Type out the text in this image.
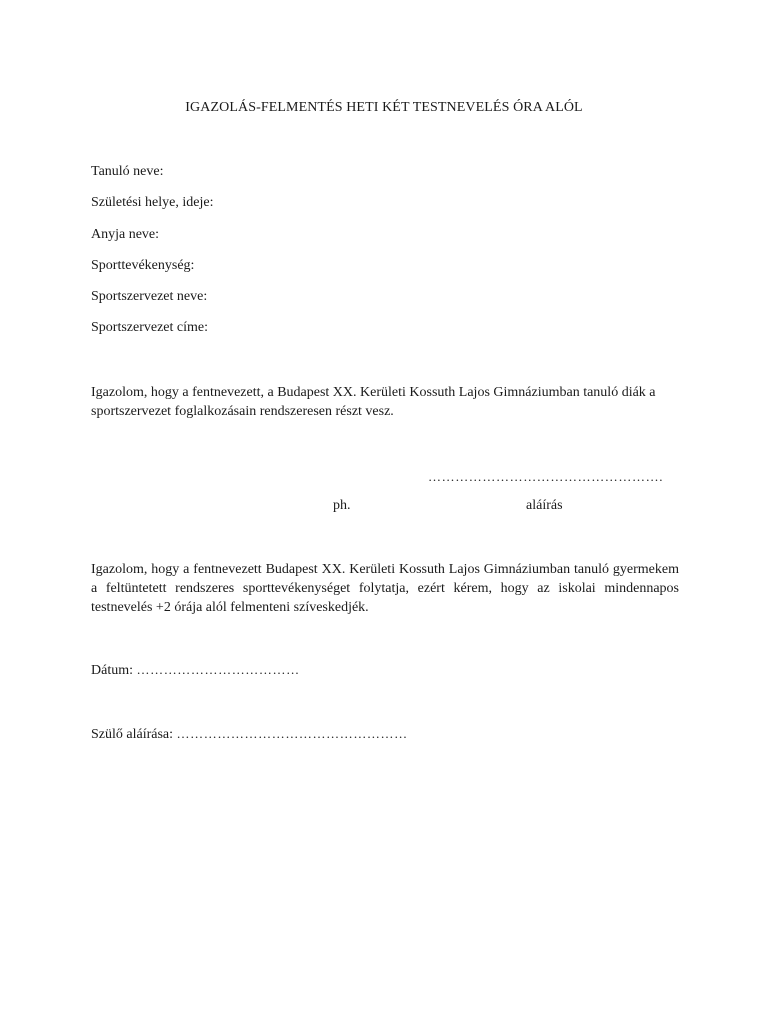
IGAZOLÁS-FELMENTÉS HETI KÉT TESTNEVELÉS ÓRA ALÓL
Tanuló neve:
Születési helye, ideje:
Anyja neve:
Sporttevékenység:
Sportszervezet neve:
Sportszervezet címe:
Igazolom, hogy a fentnevezett, a Budapest XX. Kerületi Kossuth Lajos Gimnáziumban tanuló diák a sportszervezet foglalkozásain rendszeresen részt vesz.
…………………………………………….
ph.	aláírás
Igazolom, hogy a fentnevezett Budapest XX. Kerületi Kossuth Lajos Gimnáziumban tanuló gyermekem a feltüntetett rendszeres sporttevékenységet folytatja, ezért kérem, hogy az iskolai mindennapos testnevelés +2 órája alól felmenteni szíveskedjék.
Dátum: ………………………………
Szülő aláírása: ……………………………………………
